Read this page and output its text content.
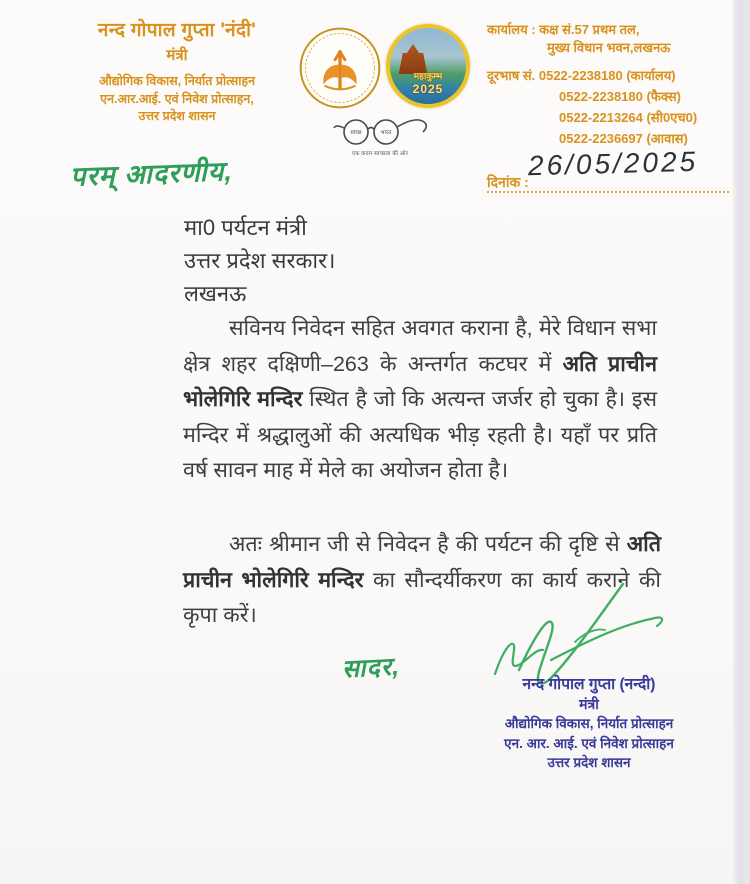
नन्द गोपाल गुप्ता 'नंदी'
मंत्री
औद्योगिक विकास, निर्यात प्रोत्साहन
एन.आर.आई. एवं निवेश प्रोत्साहन,
उत्तर प्रदेश शासन
महाकुम्भ
2025
स्वच्छ	भारत
एक कदम स्वच्छता की ओर
कार्यालय : कक्ष सं.57 प्रथम तल,
मुख्य विधान भवन,लखनऊ
दूरभाष सं. 0522-2238180 (कार्यालय)
0522-2238180 (फैक्स)
0522-2213264 (सी0एच0)
0522-2236697 (आवास)
परम् आदरणीय,	दिनांक :
26/05/2025
मा0 पर्यटन मंत्री
उत्तर प्रदेश सरकार।
लखनऊ
सविनय निवेदन सहित अवगत कराना है, मेरे विधान सभा क्षेत्र शहर दक्षिणी–263 के अन्तर्गत कटघर में अति प्राचीन भोलेगिरि मन्दिर स्थित है जो कि अत्यन्त जर्जर हो चुका है। इस मन्दिर में श्रद्धालुओं की अत्यधिक भीड़ रहती है। यहाँ पर प्रति वर्ष सावन माह में मेले का अयोजन होता है।
अतः श्रीमान जी से निवेदन है की पर्यटन की दृष्टि से अति प्राचीन भोलेगिरि मन्दिर का सौन्दर्यीकरण का कार्य कराने की कृपा करें।
सादर,
नन्द गोपाल गुप्ता (नन्दी)
मंत्री
औद्योगिक विकास, निर्यात प्रोत्साहन
एन. आर. आई. एवं निवेश प्रोत्साहन
उत्तर प्रदेश शासन
